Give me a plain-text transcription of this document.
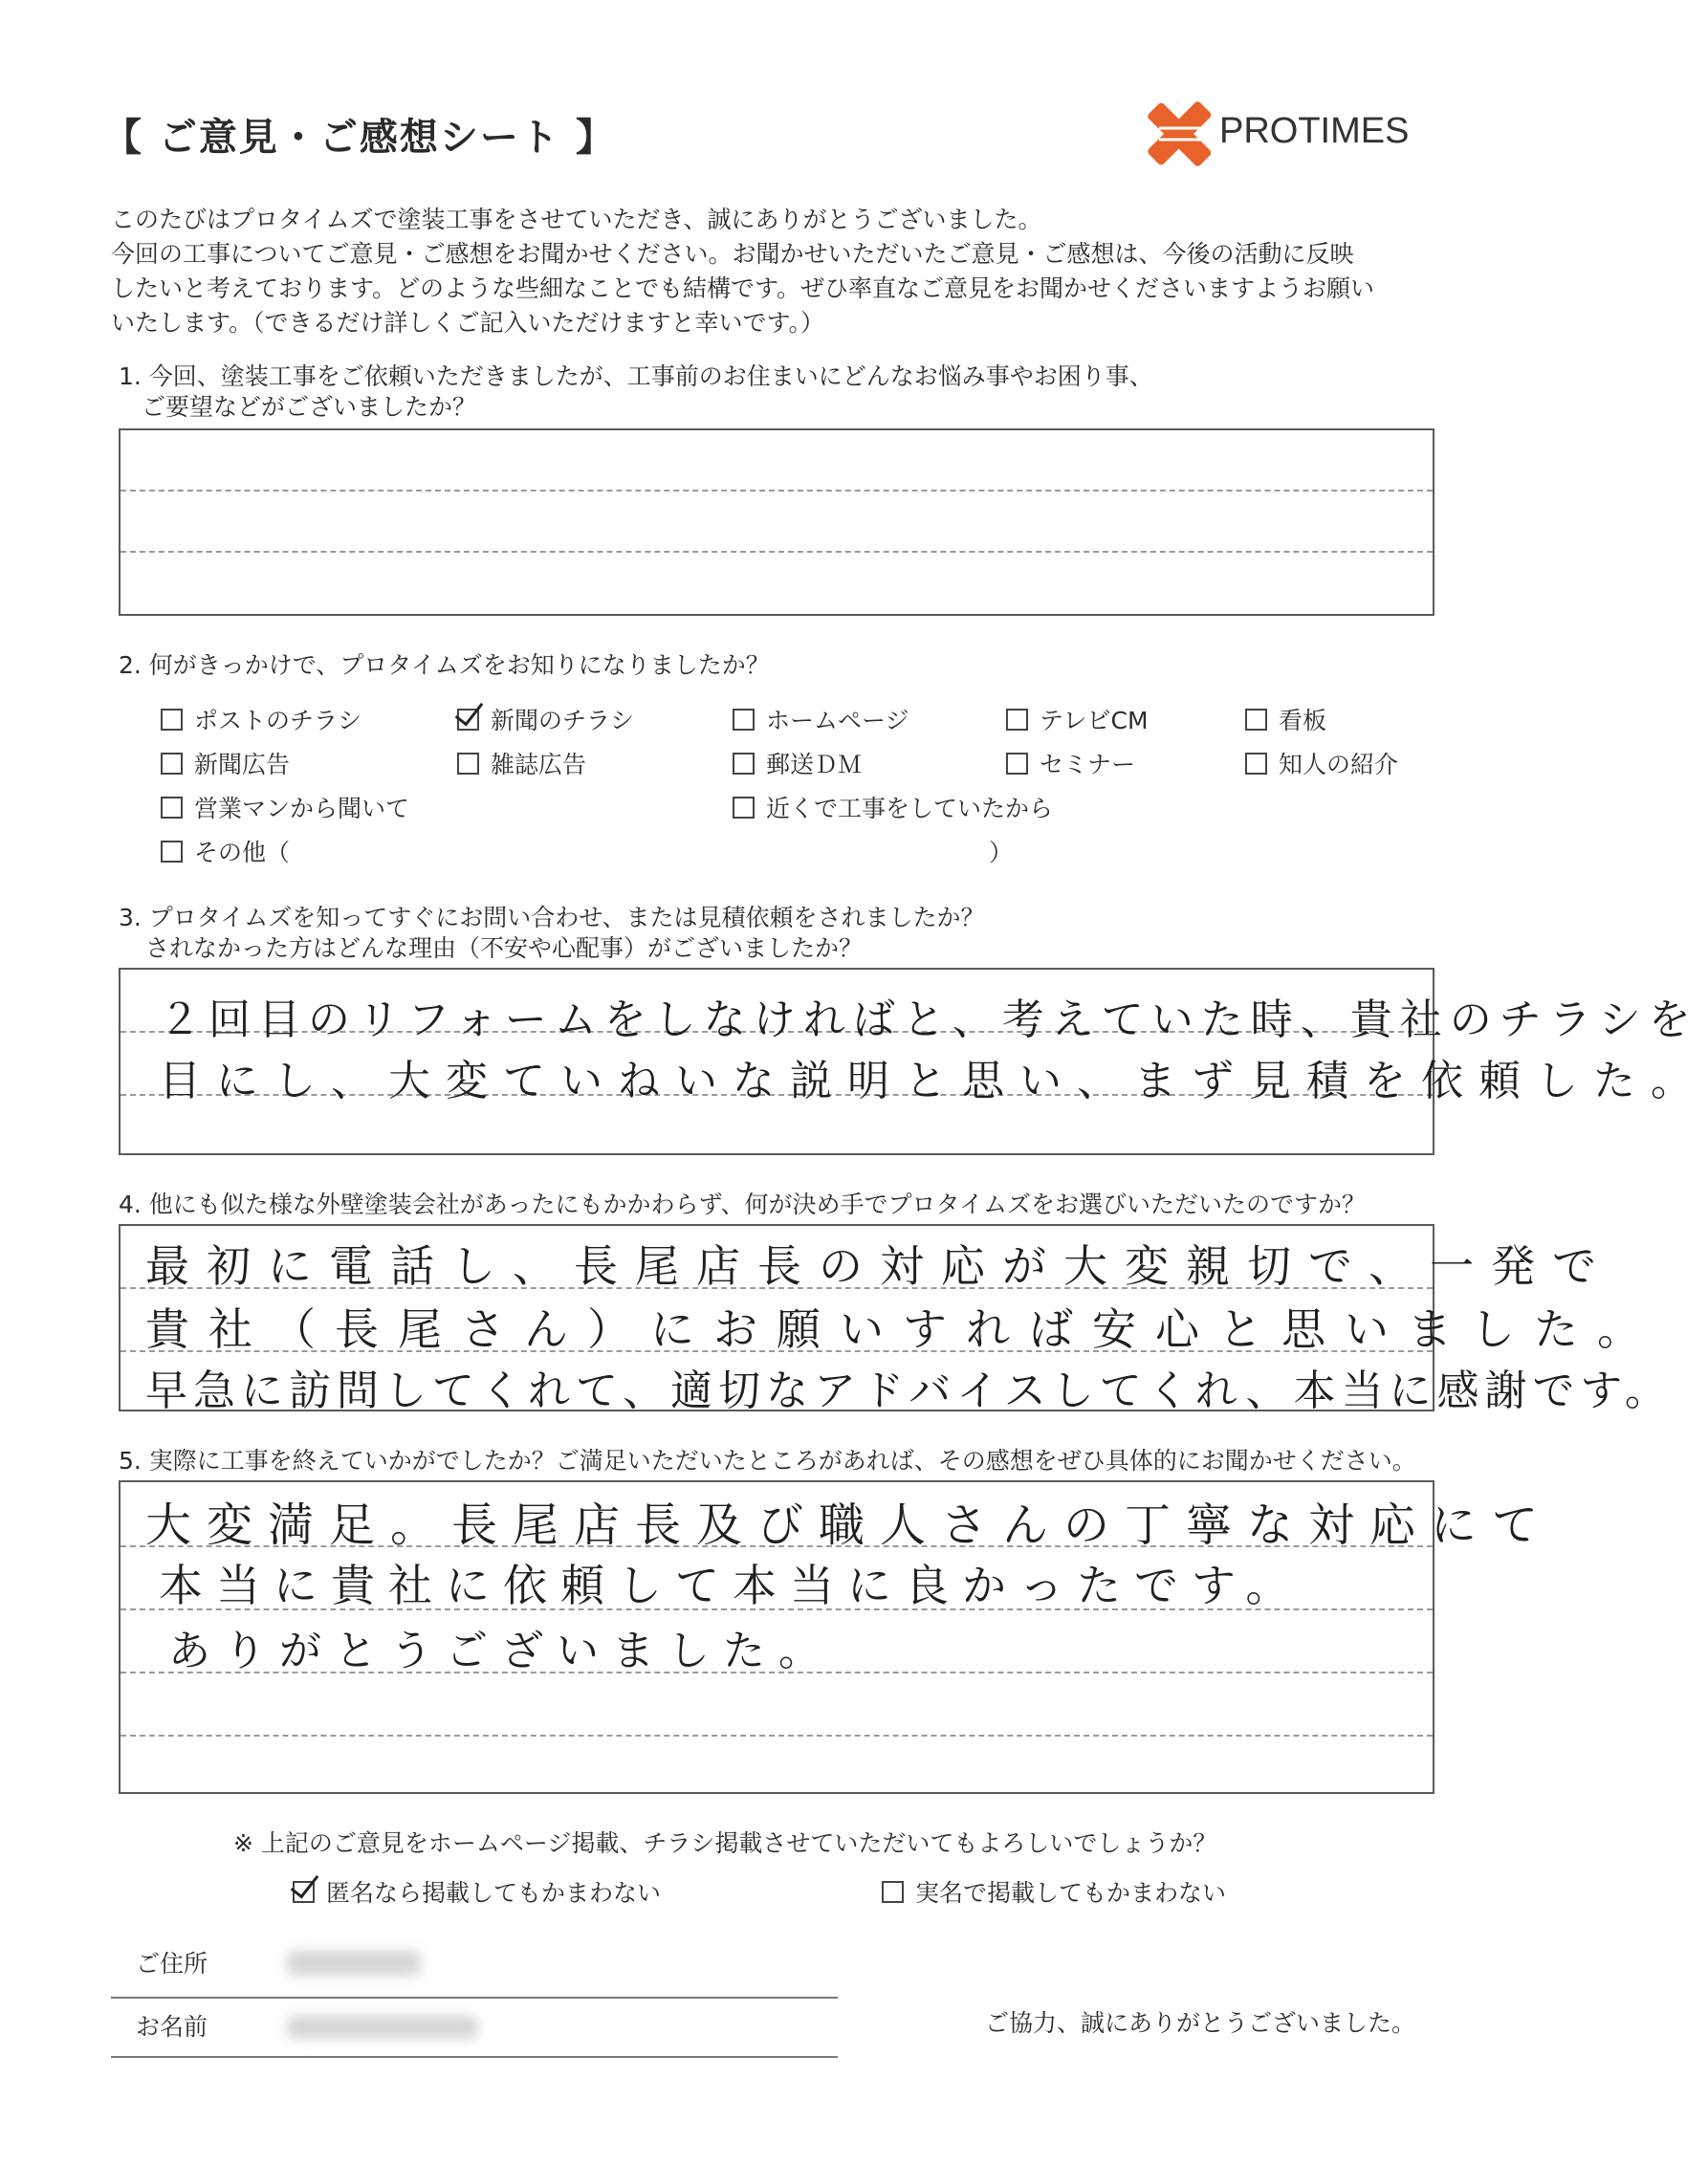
【 ご意見・ご感想シート 】	PROTIMES
このたびはプロタイムズで塗装工事をさせていただき、誠にありがとうございました。
今回の工事についてご意見・ご感想をお聞かせください。お聞かせいただいたご意見・ご感想は、今後の活動に反映
したいと考えております。どのような些細なことでも結構です。ぜひ率直なご意見をお聞かせくださいますようお願い
いたします。（できるだけ詳しくご記入いただけますと幸いです。）
1. 今回、塗装工事をご依頼いただきましたが、工事前のお住まいにどんなお悩み事やお困り事、
ご要望などがございましたか？
2. 何がきっかけで、プロタイムズをお知りになりましたか？
ポストのチラシ	新聞のチラシ	ホームページ	テレビCM	看板
新聞広告	雑誌広告	郵送ＤＭ	セミナー	知人の紹介
営業マンから聞いて	近くで工事をしていたから
その他（	）
3. プロタイムズを知ってすぐにお問い合わせ、または見積依頼をされましたか？
されなかった方はどんな理由（不安や心配事）がございましたか？
２回目のリフォームをしなければと、考えていた時、貴社のチラシを
目にし、大変ていねいな説明と思い、まず見積を依頼した。
4. 他にも似た様な外壁塗装会社があったにもかかわらず、何が決め手でプロタイムズをお選びいただいたのですか？
最初に電話し、長尾店長の対応が大変親切で、一発で
貴社（長尾さん）にお願いすれば安心と思いました。
早急に訪問してくれて、適切なアドバイスしてくれ、本当に感謝です。
5. 実際に工事を終えていかがでしたか？ご満足いただいたところがあれば、その感想をぜひ具体的にお聞かせください。
大変満足。長尾店長及び職人さんの丁寧な対応にて
本当に貴社に依頼して本当に良かったです。
ありがとうございました。
※ 上記のご意見をホームページ掲載、チラシ掲載させていただいてもよろしいでしょうか？
匿名なら掲載してもかまわない	実名で掲載してもかまわない
ご住所
お名前	ご協力、誠にありがとうございました。
